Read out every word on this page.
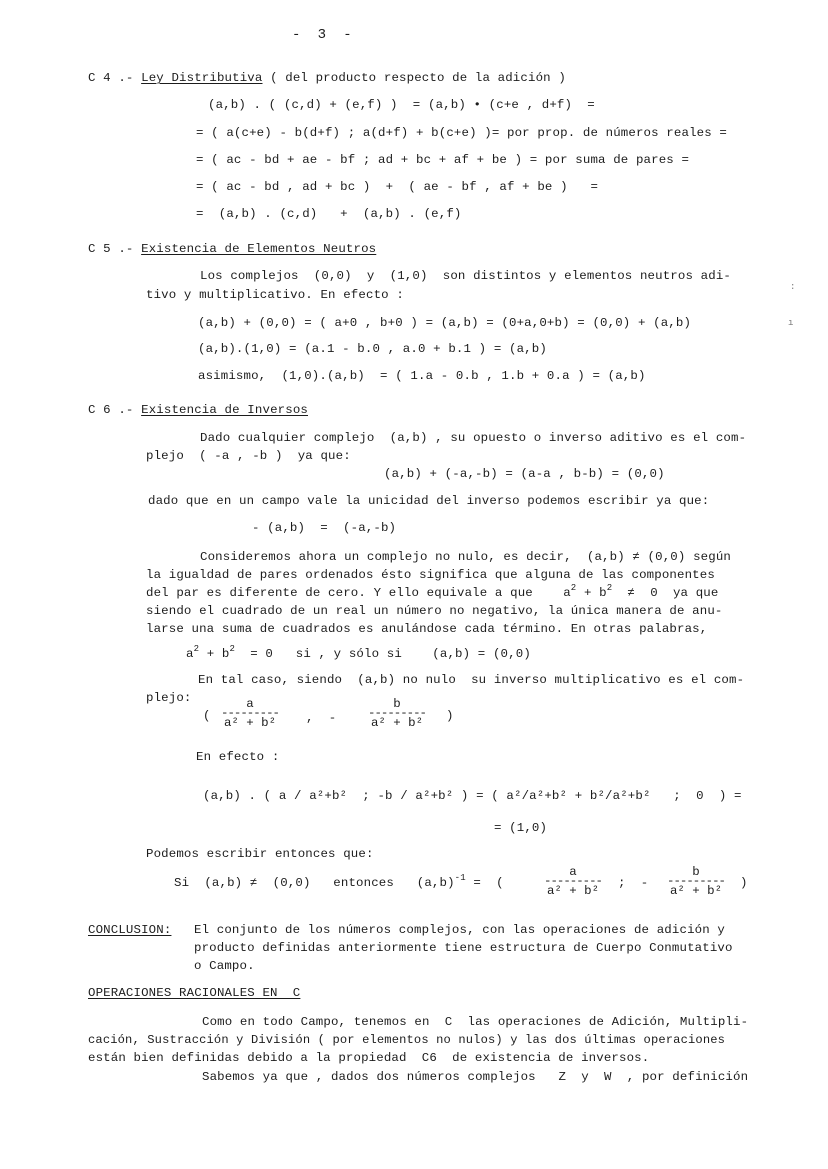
-  3  -
C 4 .- Ley Distributiva ( del producto respecto de la adición )
(a,b) . ( (c,d) + (e,f) )  = (a,b) • (c+e , d+f)  =
= ( a(c+e) - b(d+f) ; a(d+f) + b(c+e) )= por prop. de números reales =
= ( ac - bd + ae - bf ; ad + bc + af + be ) = por suma de pares =
= ( ac - bd , ad + bc )  +  ( ae - bf , af + be )   =
=  (a,b) . (c,d)   +  (a,b) . (e,f)
C 5 .- Existencia de Elementos Neutros
Los complejos  (0,0)  y  (1,0)  son distintos y elementos neutros adi-
tivo y multiplicativo. En efecto :
(a,b) + (0,0) = ( a+0 , b+0 ) = (a,b) = (0+a,0+b) = (0,0) + (a,b)
(a,b).(1,0) = (a.1 - b.0 , a.0 + b.1 ) = (a,b)
asimismo,  (1,0).(a,b)  = ( 1.a - 0.b , 1.b + 0.a ) = (a,b)
:
ı
C 6 .- Existencia de Inversos
Dado cualquier complejo  (a,b) , su opuesto o inverso aditivo es el com-
plejo  ( -a , -b )  ya que:
(a,b) + (-a,-b) = (a-a , b-b) = (0,0)
dado que en un campo vale la unicidad del inverso podemos escribir ya que:
- (a,b)  =  (-a,-b)
Consideremos ahora un complejo no nulo, es decir,  (a,b) ≠ (0,0) según
la igualdad de pares ordenados ésto significa que alguna de las componentes
del par es diferente de cero. Y ello equivale a que    $a^2 + b^2 \ne 0$  ya que
siendo el cuadrado de un real un número no negativo, la única manera de anu-
larse una suma de cuadrados es anulándose cada término. En otras palabras,
$a^2 + b^2 = 0$   si , y sólo si    (a,b) = (0,0)
En tal caso, siendo  (a,b) no nulo  su inverso multiplicativo es el com-
plejo:
(
a
a² + b²	,  -
b
a² + b²
)
En efecto :
(a,b) . ( a / a²+b²  ; -b / a²+b² ) = ( a²/a²+b² + b²/a²+b²   ;  0  ) =
= (1,0)
Podemos escribir entonces que:
Si  (a,b) ≠  (0,0)   entonces   $(a,b)^{-1}$ =  (
a
a² + b²
;  -
b
a² + b²
)
CONCLUSION: El conjunto de los números complejos, con las operaciones de adición y
producto definidas anteriormente tiene estructura de Cuerpo Conmutativo
o Campo.
OPERACIONES RACIONALES EN  C
Como en todo Campo, tenemos en  C  las operaciones de Adición, Multipli-
cación, Sustracción y División ( por elementos no nulos) y las dos últimas operaciones
están bien definidas debido a la propiedad  C6  de existencia de inversos.
Sabemos ya que , dados dos números complejos   Z  y  W  , por definición
